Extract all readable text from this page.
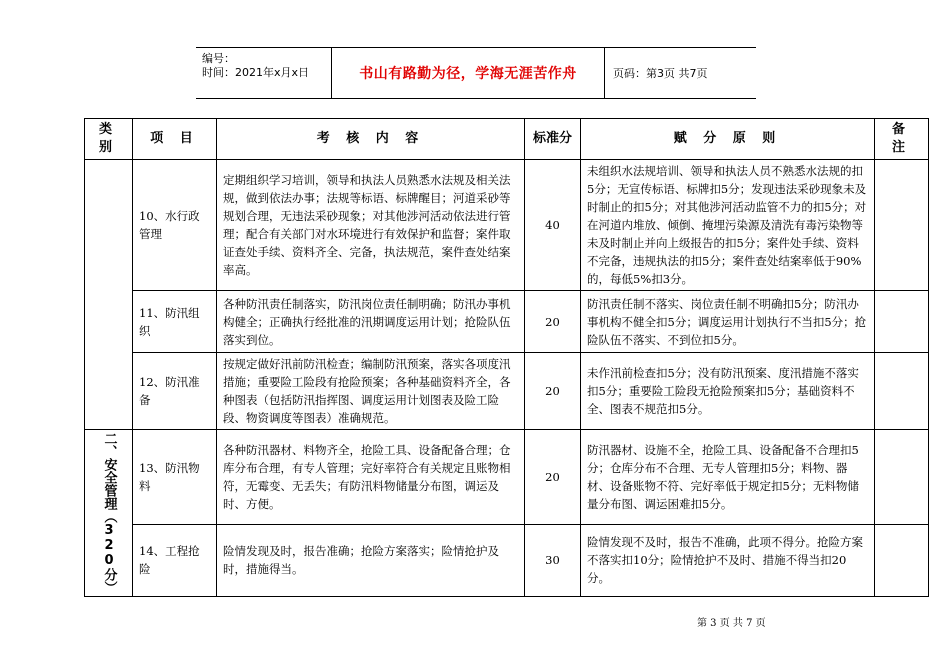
编号：
时间：2021年x月x日	书山有路勤为径，学海无涯苦作舟	页码：第3页 共7页
类别	项 目	考 核 内 容	标准分	赋 分 原 则	备 注
	10、水行政管理	定期组织学习培训，领导和执法人员熟悉水法规及相关法规，做到依法办事；法规等标语、标牌醒目；河道采砂等规划合理，无违法采砂现象；对其他涉河活动依法进行管理；配合有关部门对水环境进行有效保护和监督；案件取证查处手续、资料齐全、完备，执法规范，案件查处结案率高。	40	未组织水法规培训、领导和执法人员不熟悉水法规的扣5分；无宣传标语、标牌扣5分；发现违法采砂现象未及时制止的扣5分；对其他涉河活动监管不力的扣5分；对在河道内堆放、倾倒、掩埋污染源及清洗有毒污染物等未及时制止并向上级报告的扣5分；案件处手续、资料不完备，违规执法的扣5分；案件查处结案率低于90%的，每低5%扣3分。	
	11、防汛组织	各种防汛责任制落实，防汛岗位责任制明确；防汛办事机构健全；正确执行经批准的汛期调度运用计划；抢险队伍落实到位。	20	防汛责任制不落实、岗位责任制不明确扣5分；防汛办事机构不健全扣5分；调度运用计划执行不当扣5分；抢险队伍不落实、不到位扣5分。	
	12、防汛准备	按规定做好汛前防汛检查；编制防汛预案，落实各项度汛措施；重要险工险段有抢险预案；各种基础资料齐全，各种图表（包括防汛指挥图、调度运用计划图表及险工险段、物资调度等图表）准确规范。	20	未作汛前检查扣5分；没有防汛预案、度汛措施不落实扣5分；重要险工险段无抢险预案扣5分；基础资料不全、图表不规范扣5分。	

二、安全管理（320分）	13、防汛物料	各种防汛器材、料物齐全，抢险工具、设备配备合理；仓库分布合理，有专人管理；完好率符合有关规定且账物相符，无霉变、无丢失；有防汛料物储量分布图，调运及时、方便。	20	防汛器材、设施不全，抢险工具、设备配备不合理扣5分；仓库分布不合理、无专人管理扣5分；料物、器材、设备账物不符、完好率低于规定扣5分；无料物储量分布图、调运困难扣5分。	
	14、工程抢险	险情发现及时，报告准确；抢险方案落实；险情抢护及时，措施得当。	30	险情发现不及时，报告不准确，此项不得分。抢险方案不落实扣10分；险情抢护不及时、措施不得当扣20分。	
第 3 页 共 7 页
